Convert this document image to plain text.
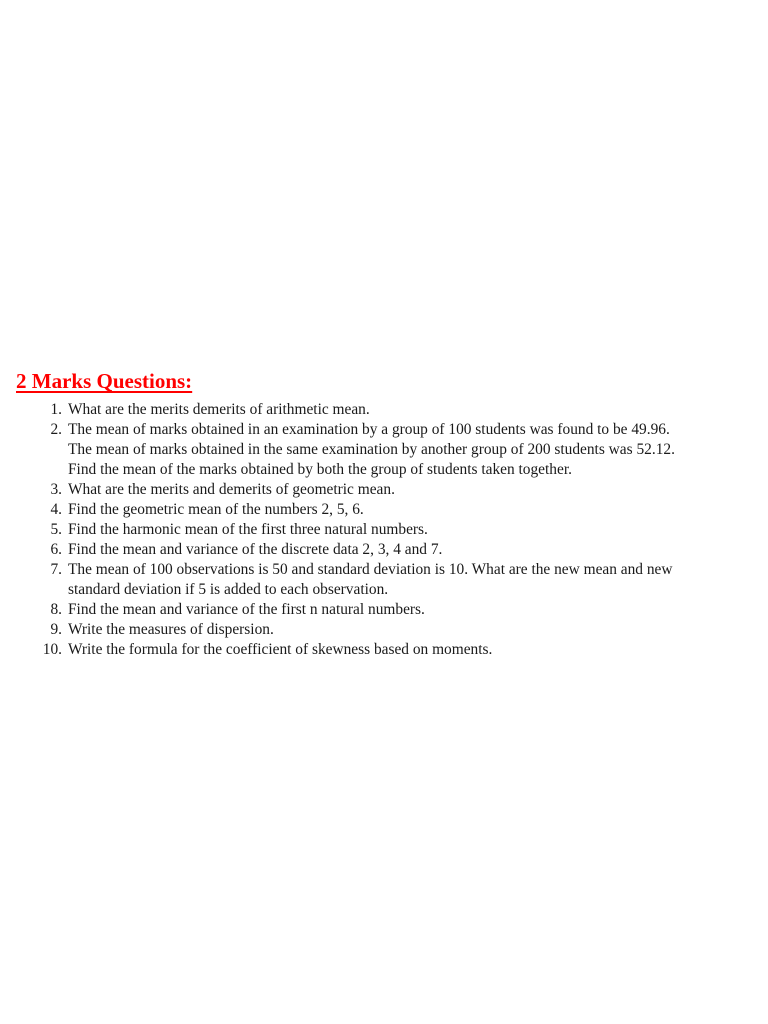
2 Marks Questions:
1. What are the merits demerits of arithmetic mean.
2. The mean of marks obtained in an examination by a group of 100 students was found to be 49.96.
The mean of marks obtained in the same examination by another group of 200 students was 52.12.
Find the mean of the marks obtained by both the group of students taken together.
3. What are the merits and demerits of geometric mean.
4. Find the geometric mean of the numbers 2, 5, 6.
5. Find the harmonic mean of the first three natural numbers.
6. Find the mean and variance of the discrete data 2, 3, 4 and 7.
7. The mean of 100 observations is 50 and standard deviation is 10. What are the new mean and new
standard deviation if 5 is added to each observation.
8. Find the mean and variance of the first n natural numbers.
9. Write the measures of dispersion.
10. Write the formula for the coefficient of skewness based on moments.
